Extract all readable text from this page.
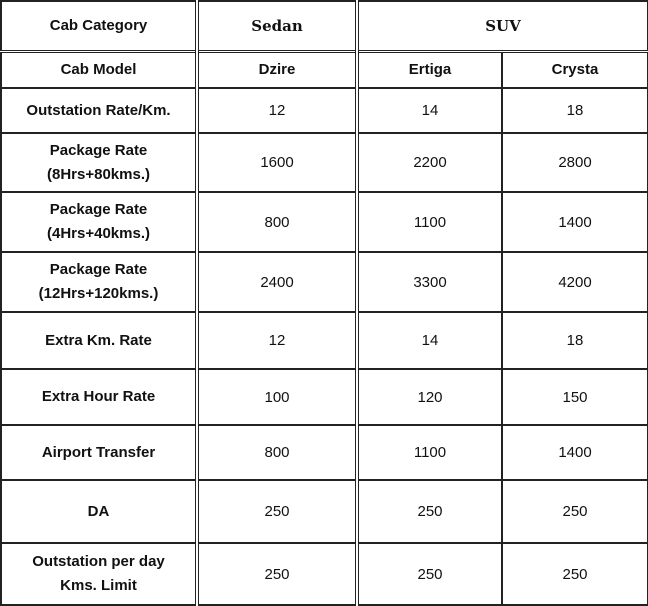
Cab Category	Sedan	SUV	
Cab Model	Dzire	Ertiga	Crysta

Outstation Rate/Km.	12	14	18

Package Rate
(8Hrs+80kms.)	1600	2200	2800

Package Rate
(4Hrs+40kms.)	800	1100	1400

Package Rate
(12Hrs+120kms.)	2400	3300	4200

Extra Km. Rate	12	14	18

Extra Hour Rate	100	120	150

Airport Transfer	800	1100	1400

DA	250	250	250

Outstation per day
Kms. Limit	250	250	250
